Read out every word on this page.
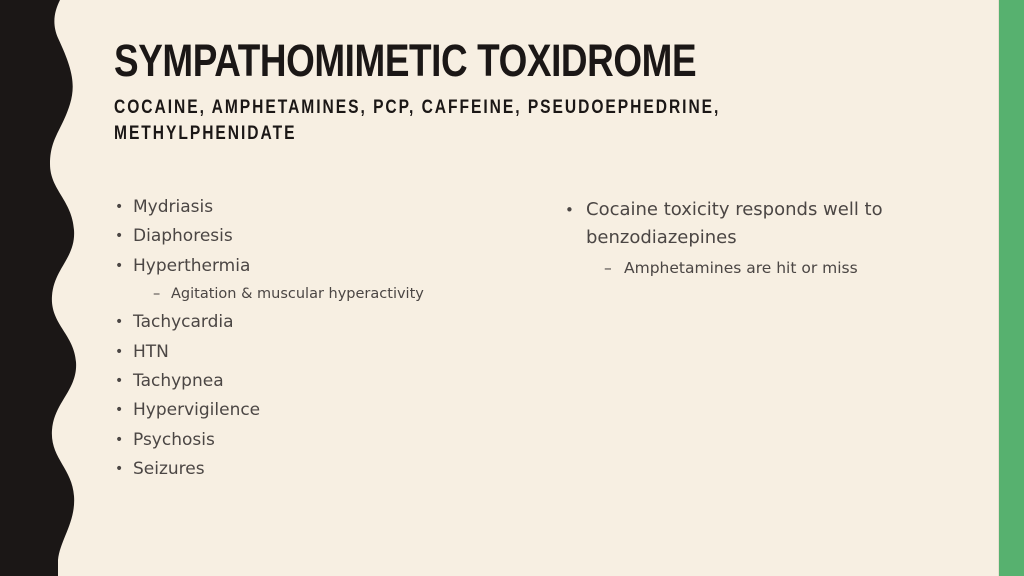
SYMPATHOMIMETIC TOXIDROME
COCAINE, AMPHETAMINES, PCP, CAFFEINE, PSEUDOEPHEDRINE, METHYLPHENIDATE
• Mydriasis
• Diaphoresis
• Hyperthermia
– Agitation & muscular hyperactivity
• Tachycardia
• HTN
• Tachypnea
• Hypervigilence
• Psychosis
• Seizures
• Cocaine toxicity responds well to benzodiazepines
– Amphetamines are hit or miss
